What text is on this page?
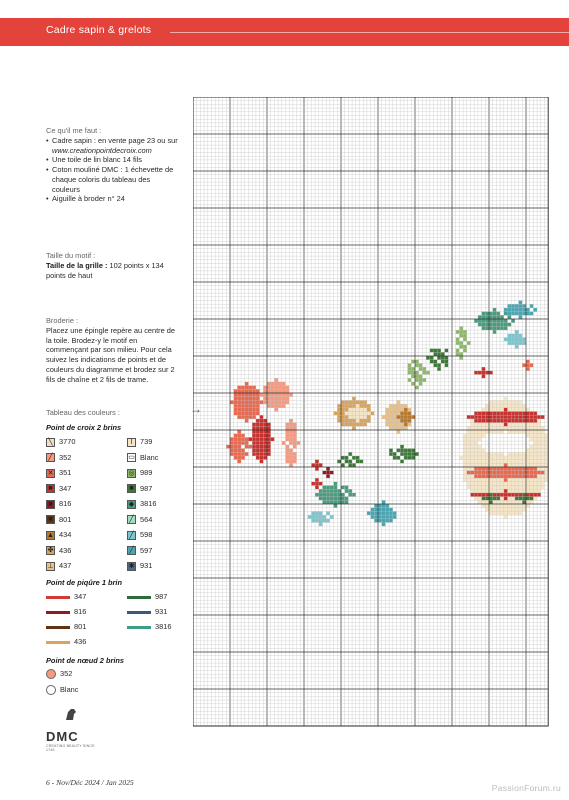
Cadre sapin & grelots
Ce qu'il me faut :
• Cadre sapin : en vente page 23 ou sur www.creationpointdecroix.com
• Une toile de lin blanc 14 fils
• Coton mouliné DMC : 1 échevette de chaque coloris du tableau des couleurs
• Aiguille à broder n° 24
Taille du motif :
Taille de la grille : 102 points x 134 points de haut
Broderie :
Placez une épingle repère au centre de la toile. Brodez-y le motif en commençant par son milieu. Pour cela suivez les indications de points et de couleurs du diagramme et brodez sur 2 fils de chaîne et 2 fils de trame.
Tableau des couleurs :
Point de croix 2 brins
╲ 3770	I 739
╱ 352	▭ Blanc
✕ 351	◎ 989
■ 347	■ 987
■ 816	◆ 3816
■ 801	╱ 564
▲ 434	╱ 598
✤ 436	╱ 597
⊥ 437	✱ 931
Point de piqûre 1 brin
347	987
816	931
801	3816
436
Point de nœud 2 brins
352
Blanc
→
DMC
CREATING BEAUTY SINCE 1746
6 - Nov/Déc 2024 / Jan 2025
PassionForum.ru
